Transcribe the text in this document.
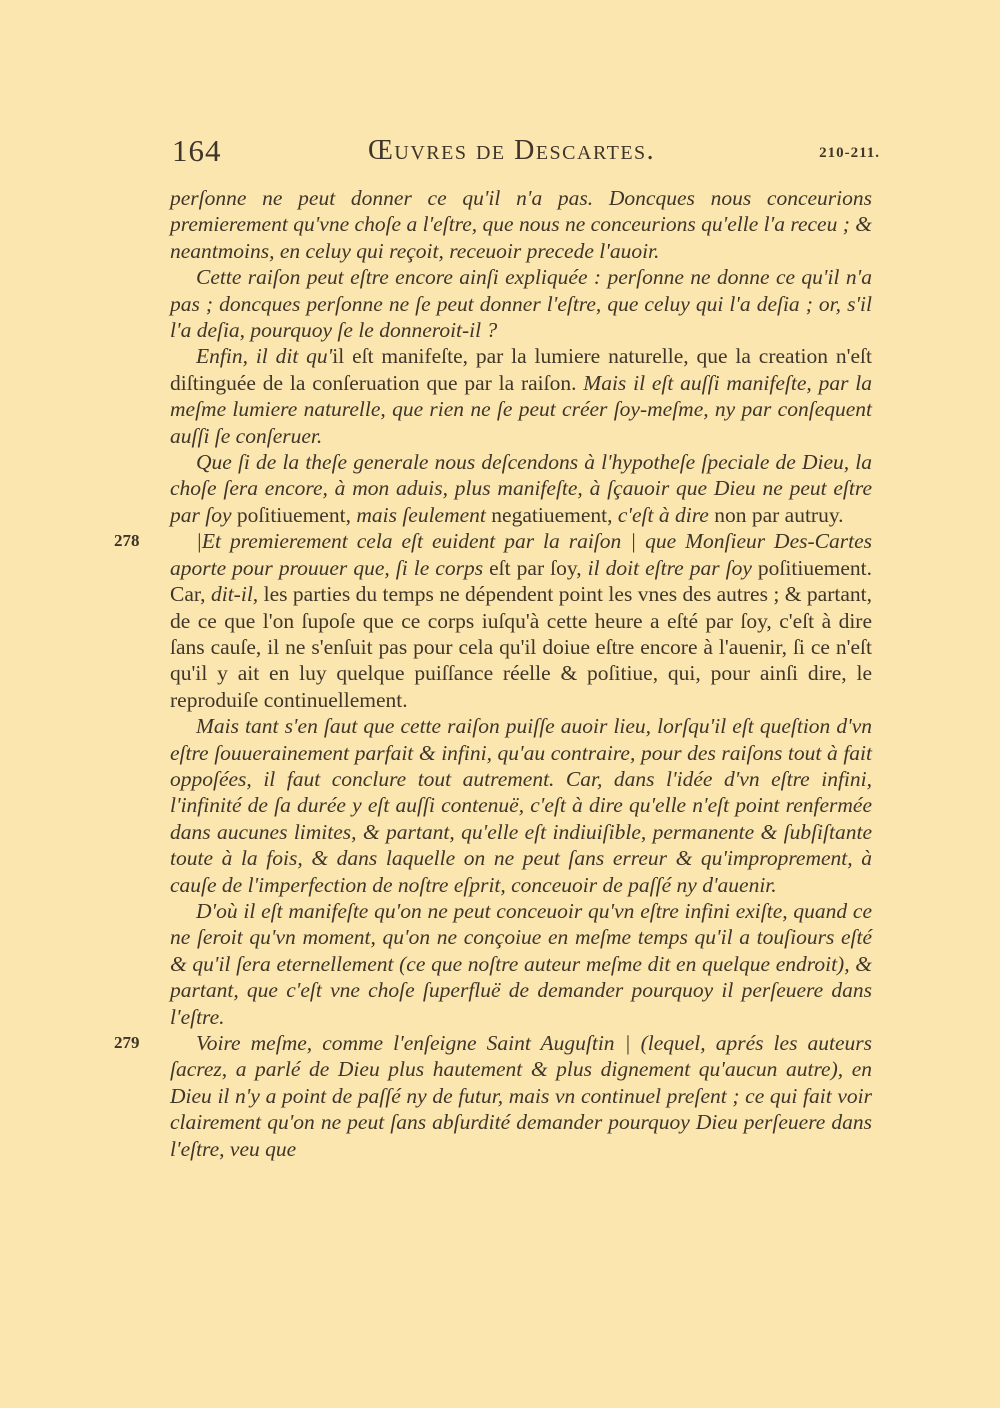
164	Œuvres de Descartes.	210-211.

perſonne ne peut donner ce qu'il n'a pas. Doncques nous conceurions premierement qu'vne choſe a l'eſtre, que nous ne conceurions qu'elle l'a receu ; & neantmoins, en celuy qui reçoit, receuoir precede l'auoir.

Cette raiſon peut eſtre encore ainſi expliquée : perſonne ne donne ce qu'il n'a pas ; doncques perſonne ne ſe peut donner l'eſtre, que celuy qui l'a deſia ; or, s'il l'a deſia, pourquoy ſe le donneroit-il ?

Enfin, il dit qu'il eſt manifeſte, par la lumiere naturelle, que la creation n'eſt diſtinguée de la conſeruation que par la raiſon. Mais il eſt auſſi manifeſte, par la meſme lumiere naturelle, que rien ne ſe peut créer ſoy-meſme, ny par conſequent auſſi ſe conſeruer.

Que ſi de la theſe generale nous deſcendons à l'hypotheſe ſpeciale de Dieu, la choſe ſera encore, à mon aduis, plus manifeſte, à ſçauoir que Dieu ne peut eſtre par ſoy poſitiuement, mais ſeulement negatiuement, c'eſt à dire non par autruy.

278	|Et premierement cela eſt euident par la raiſon | que Monſieur Des-Cartes aporte pour prouuer que, ſi le corps eſt par ſoy, il doit eſtre par ſoy poſitiuement. Car, dit-il, les parties du temps ne dépendent point les vnes des autres ; & partant, de ce que l'on ſupoſe que ce corps iuſqu'à cette heure a eſté par ſoy, c'eſt à dire ſans cauſe, il ne s'enſuit pas pour cela qu'il doiue eſtre encore à l'auenir, ſi ce n'eſt qu'il y ait en luy quelque puiſſance réelle & poſitiue, qui, pour ainſi dire, le reproduiſe continuellement.

Mais tant s'en ſaut que cette raiſon puiſſe auoir lieu, lorſqu'il eſt queſtion d'vn eſtre ſouuerainement parfait & infini, qu'au contraire, pour des raiſons tout à fait oppoſées, il faut conclure tout autrement. Car, dans l'idée d'vn eſtre infini, l'infinité de ſa durée y eſt auſſi contenuë, c'eſt à dire qu'elle n'eſt point renfermée dans aucunes limites, & partant, qu'elle eſt indiuiſible, permanente & ſubſiſtante toute à la fois, & dans laquelle on ne peut ſans erreur & qu'improprement, à cauſe de l'imperfection de noſtre eſprit, conceuoir de paſſé ny d'auenir.

D'où il eſt manifeſte qu'on ne peut conceuoir qu'vn eſtre infini exiſte, quand ce ne ſeroit qu'vn moment, qu'on ne conçoiue en meſme temps qu'il a touſiours eſté & qu'il ſera eternellement (ce que noſtre auteur meſme dit en quelque endroit), & partant, que c'eſt vne choſe ſuperfluë de demander pourquoy il perſeuere dans l'eſtre.

279	Voire meſme, comme l'enſeigne Saint Auguſtin | (lequel, aprés les auteurs ſacrez, a parlé de Dieu plus hautement & plus dignement qu'aucun autre), en Dieu il n'y a point de paſſé ny de futur, mais vn continuel preſent ; ce qui fait voir clairement qu'on ne peut ſans abſurdité demander pourquoy Dieu perſeuere dans l'eſtre, veu que
